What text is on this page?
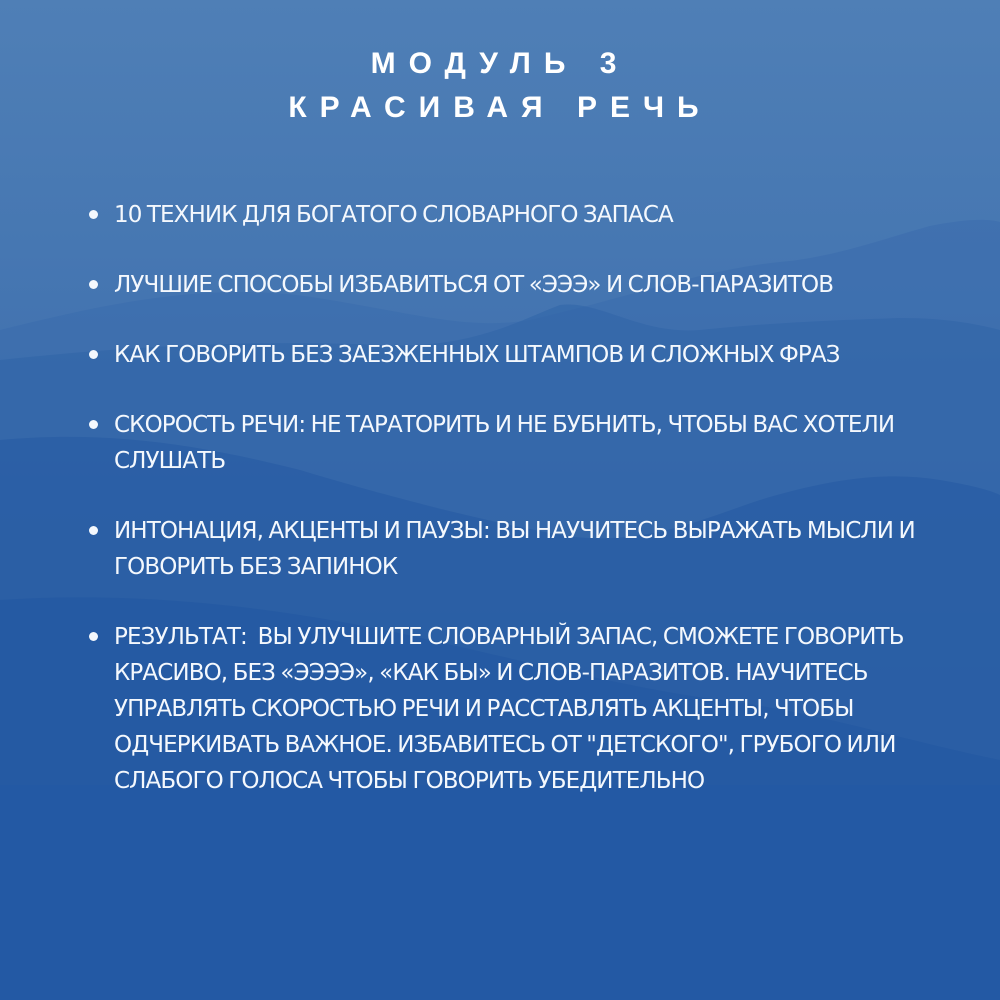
МОДУЛЬ 3
КРАСИВАЯ РЕЧЬ
10 ТЕХНИК ДЛЯ БОГАТОГО СЛОВАРНОГО ЗАПАСА
ЛУЧШИЕ СПОСОБЫ ИЗБАВИТЬСЯ ОТ «ЭЭЭ» И СЛОВ-ПАРАЗИТОВ
КАК ГОВОРИТЬ БЕЗ ЗАЕЗЖЕННЫХ ШТАМПОВ И СЛОЖНЫХ ФРАЗ
СКОРОСТЬ РЕЧИ: НЕ ТАРАТОРИТЬ И НЕ БУБНИТЬ, ЧТОБЫ ВАС ХОТЕЛИ СЛУШАТЬ
ИНТОНАЦИЯ, АКЦЕНТЫ И ПАУЗЫ: ВЫ НАУЧИТЕСЬ ВЫРАЖАТЬ МЫСЛИ И  ГОВОРИТЬ БЕЗ ЗАПИНОК
РЕЗУЛЬТАТ:  ВЫ УЛУЧШИТЕ СЛОВАРНЫЙ ЗАПАС, СМОЖЕТЕ ГОВОРИТЬ КРАСИВО, БЕЗ «ЭЭЭЭ», «КАК БЫ» И СЛОВ-ПАРАЗИТОВ. НАУЧИТЕСЬ УПРАВЛЯТЬ СКОРОСТЬЮ РЕЧИ И РАССТАВЛЯТЬ АКЦЕНТЫ, ЧТОБЫ ОДЧЕРКИВАТЬ ВАЖНОЕ. ИЗБАВИТЕСЬ ОТ "ДЕТСКОГО", ГРУБОГО ИЛИ СЛАБОГО ГОЛОСА ЧТОБЫ ГОВОРИТЬ УБЕДИТЕЛЬНО
